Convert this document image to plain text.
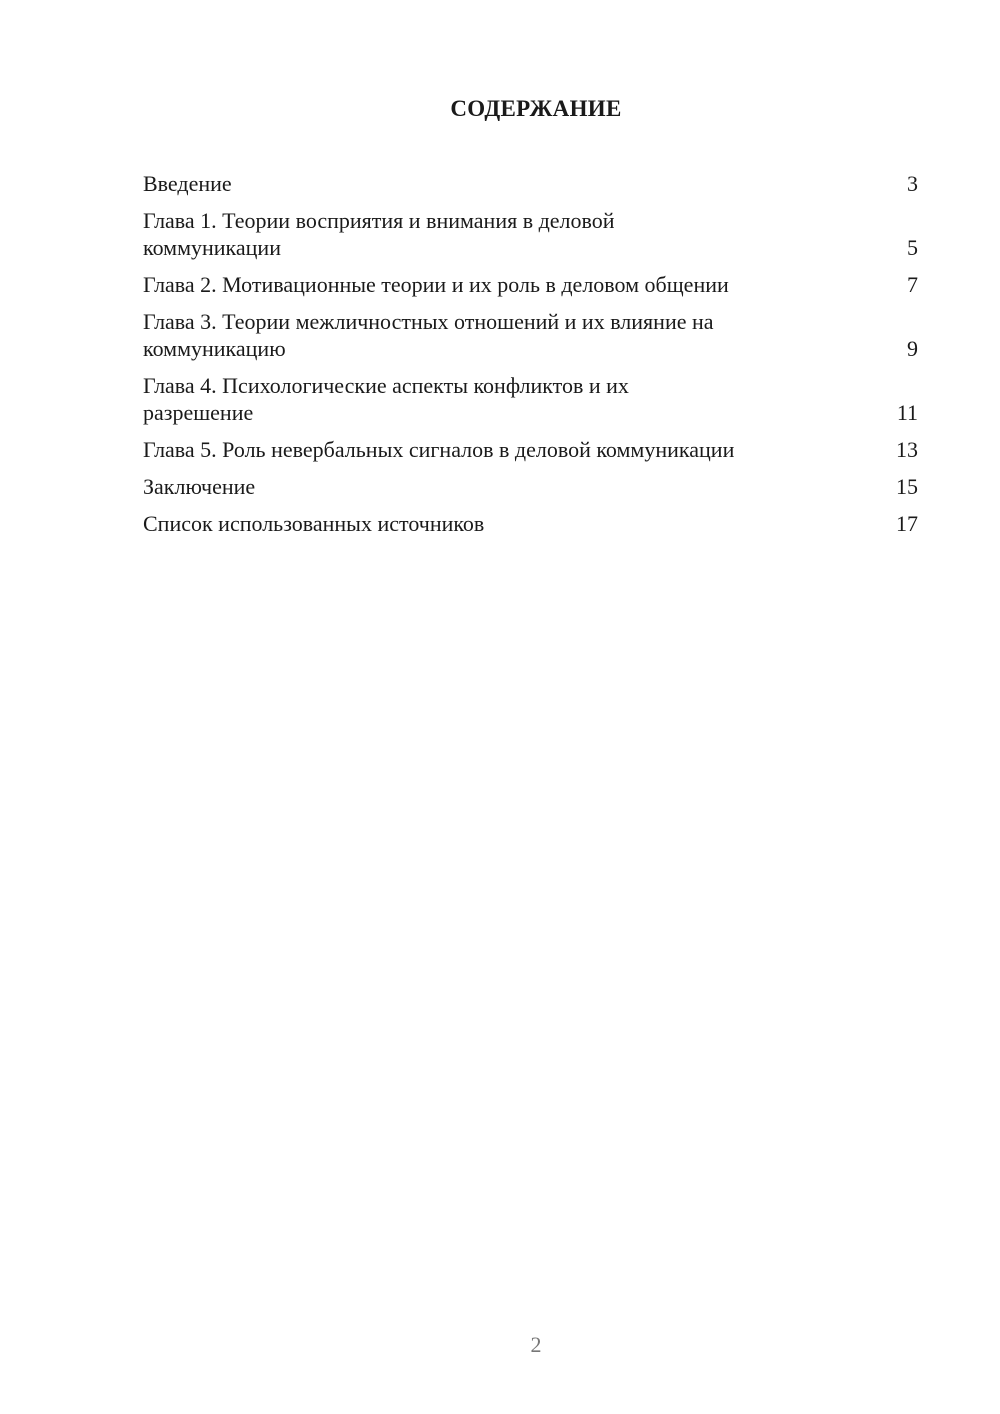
СОДЕРЖАНИЕ
Введение	3
Глава 1. Теории восприятия и внимания в деловой коммуникации	5
Глава 2. Мотивационные теории и их роль в деловом общении	7
Глава 3. Теории межличностных отношений и их влияние на коммуникацию	9
Глава 4. Психологические аспекты конфликтов и их разрешение	11
Глава 5. Роль невербальных сигналов в деловой коммуникации	13
Заключение	15
Список использованных источников	17
2
